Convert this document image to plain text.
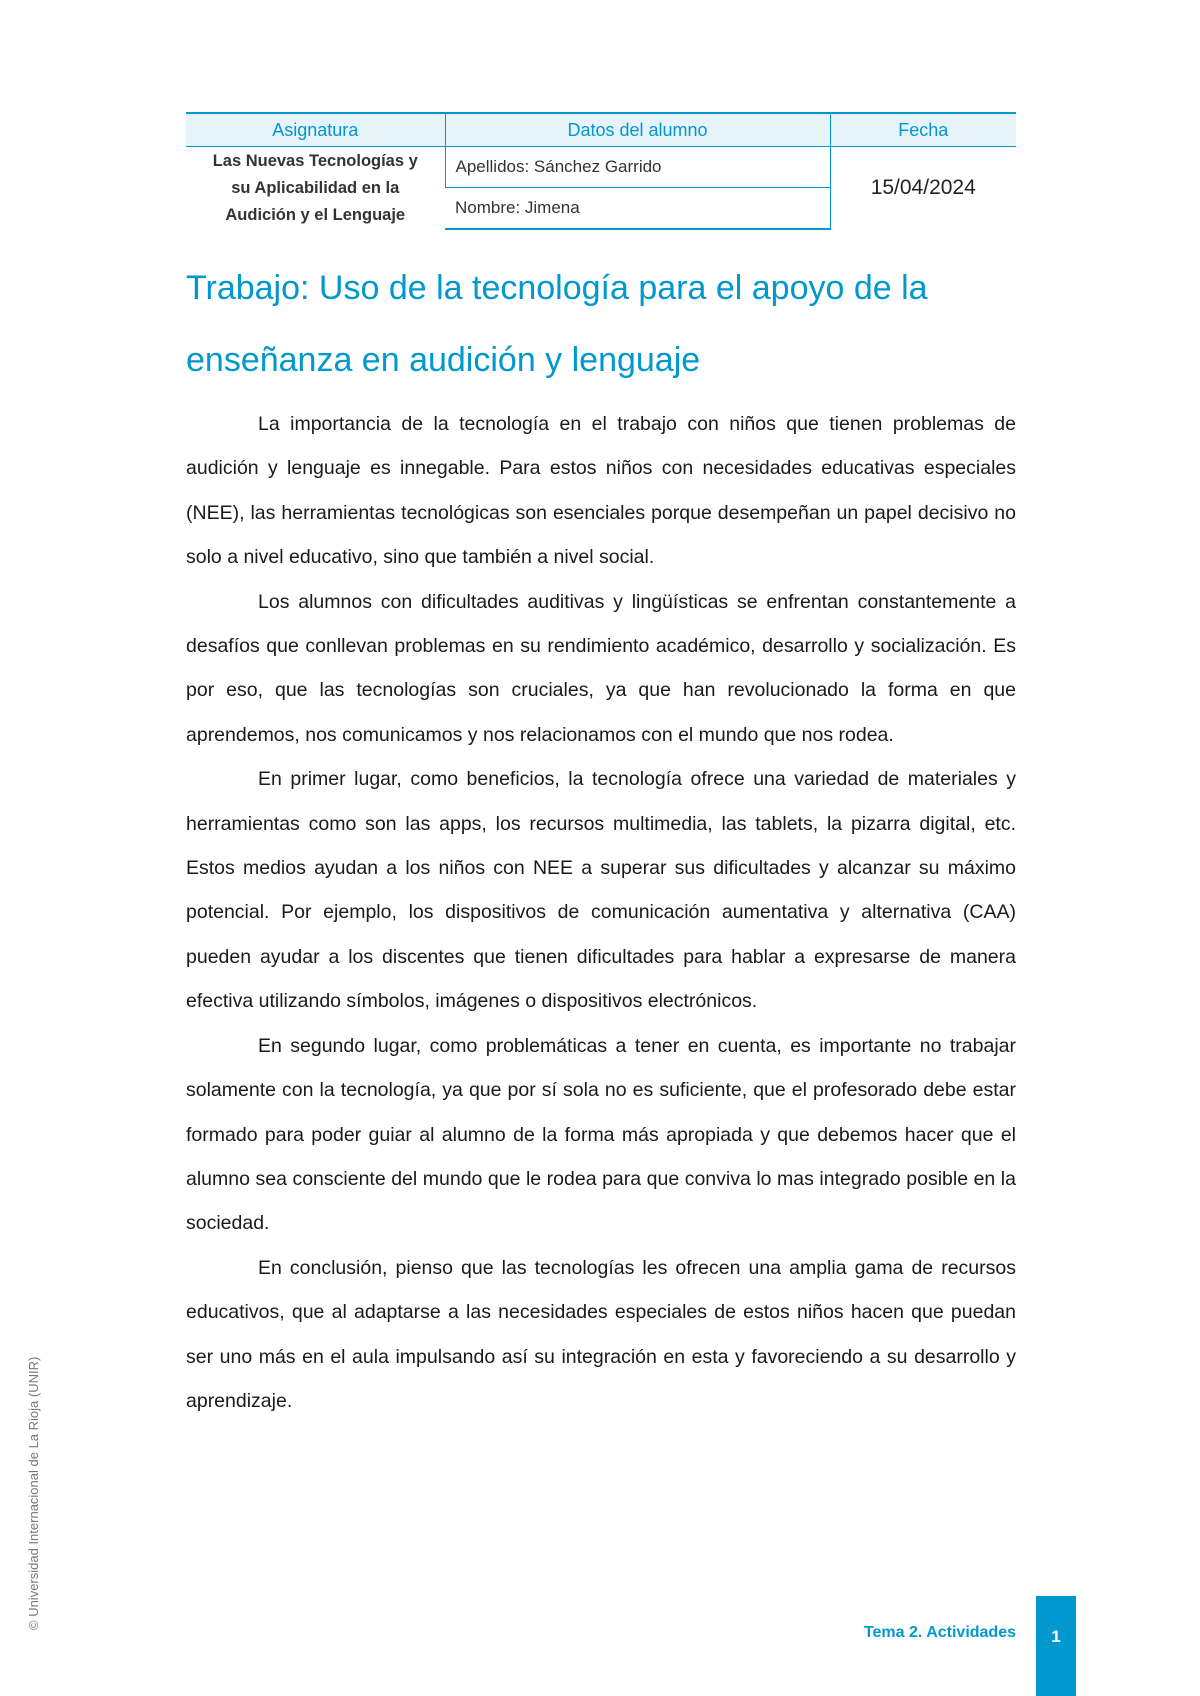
Asignatura	Datos del alumno	Fecha
Las Nuevas Tecnologías y
su Aplicabilidad en la
Audición y el Lenguaje	Apellidos: Sánchez Garrido	15/04/2024
	Nombre: Jimena	
Trabajo: Uso de la tecnología para el apoyo de la enseñanza en audición y lenguaje

La importancia de la tecnología en el trabajo con niños que tienen problemas de audición y lenguaje es innegable. Para estos niños con necesidades educativas especiales (NEE), las herramientas tecnológicas son esenciales porque desempeñan un papel decisivo no solo a nivel educativo, sino que también a nivel social.

Los alumnos con dificultades auditivas y lingüísticas se enfrentan constantemente a desafíos que conllevan problemas en su rendimiento académico, desarrollo y socialización. Es por eso, que las tecnologías son cruciales, ya que han revolucionado la forma en que aprendemos, nos comunicamos y nos relacionamos con el mundo que nos rodea.

En primer lugar, como beneficios, la tecnología ofrece una variedad de materiales y herramientas como son las apps, los recursos multimedia, las tablets, la pizarra digital, etc. Estos medios ayudan a los niños con NEE a superar sus dificultades y alcanzar su máximo potencial. Por ejemplo, los dispositivos de comunicación aumentativa y alternativa (CAA) pueden ayudar a los discentes que tienen dificultades para hablar a expresarse de manera efectiva utilizando símbolos, imágenes o dispositivos electrónicos.

En segundo lugar, como problemáticas a tener en cuenta, es importante no trabajar solamente con la tecnología, ya que por sí sola no es suficiente, que el profesorado debe estar formado para poder guiar al alumno de la forma más apropiada y que debemos hacer que el alumno sea consciente del mundo que le rodea para que conviva lo mas integrado posible en la sociedad.

En conclusión, pienso que las tecnologías les ofrecen una amplia gama de recursos educativos, que al adaptarse a las necesidades especiales de estos niños hacen que puedan ser uno más en el aula impulsando así su integración en esta y favoreciendo a su desarrollo y aprendizaje.

© Universidad Internacional de La Rioja (UNIR)
Tema 2. Actividades	1
